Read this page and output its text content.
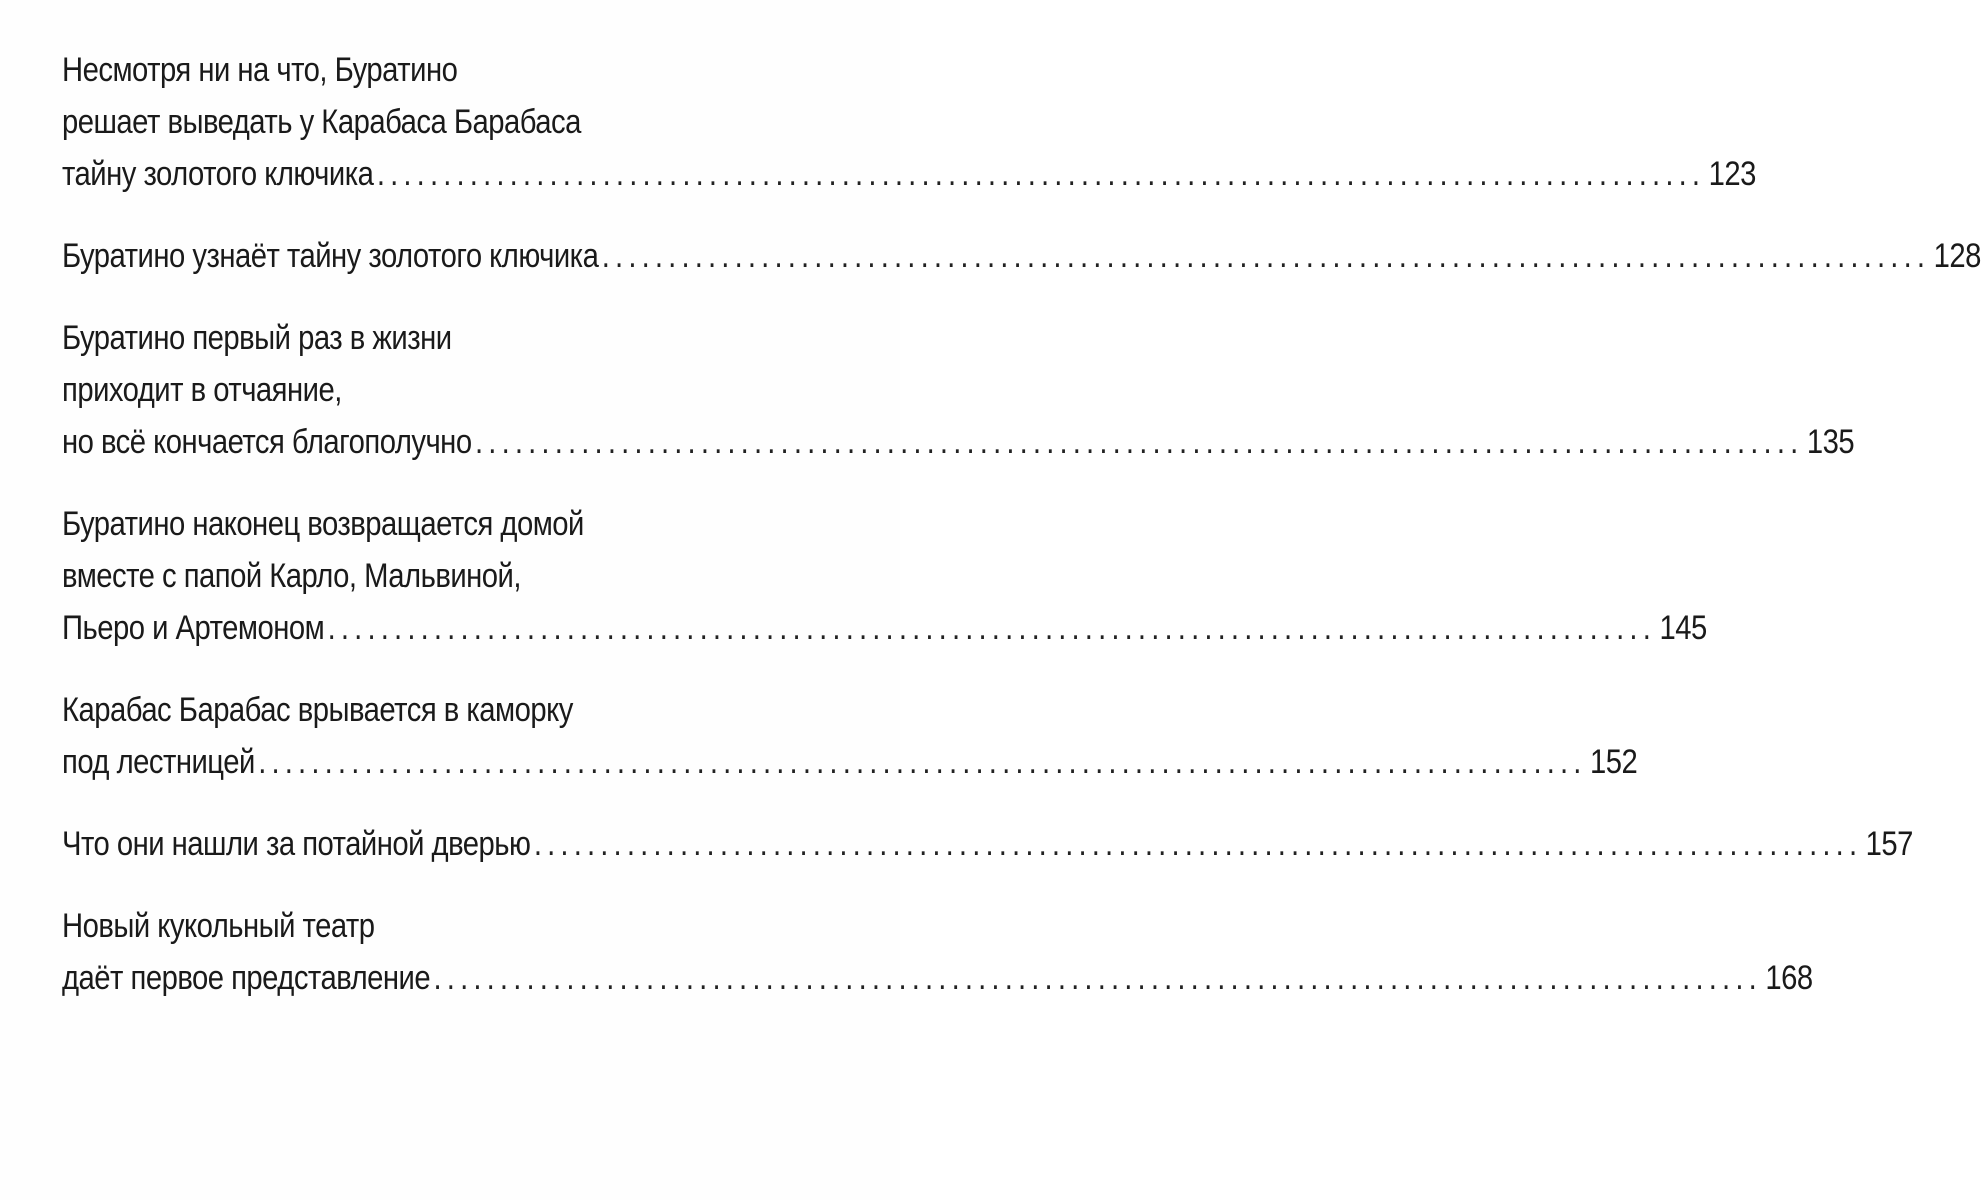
Несмотря ни на что, Буратино
решает выведать у Карабаса Барабаса
тайну золотого ключика .................................................................................................... 123
Буратино узнаёт тайну золотого ключика .................................................................................................... 128
Буратино первый раз в жизни
приходит в отчаяние,
но всё кончается благополучно .................................................................................................... 135
Буратино наконец возвращается домой
вместе с папой Карло, Мальвиной,
Пьеро и Артемоном .................................................................................................... 145
Карабас Барабас врывается в каморку
под лестницей .................................................................................................... 152
Что они нашли за потайной дверью .................................................................................................... 157
Новый кукольный театр
даёт первое представление .................................................................................................... 168
